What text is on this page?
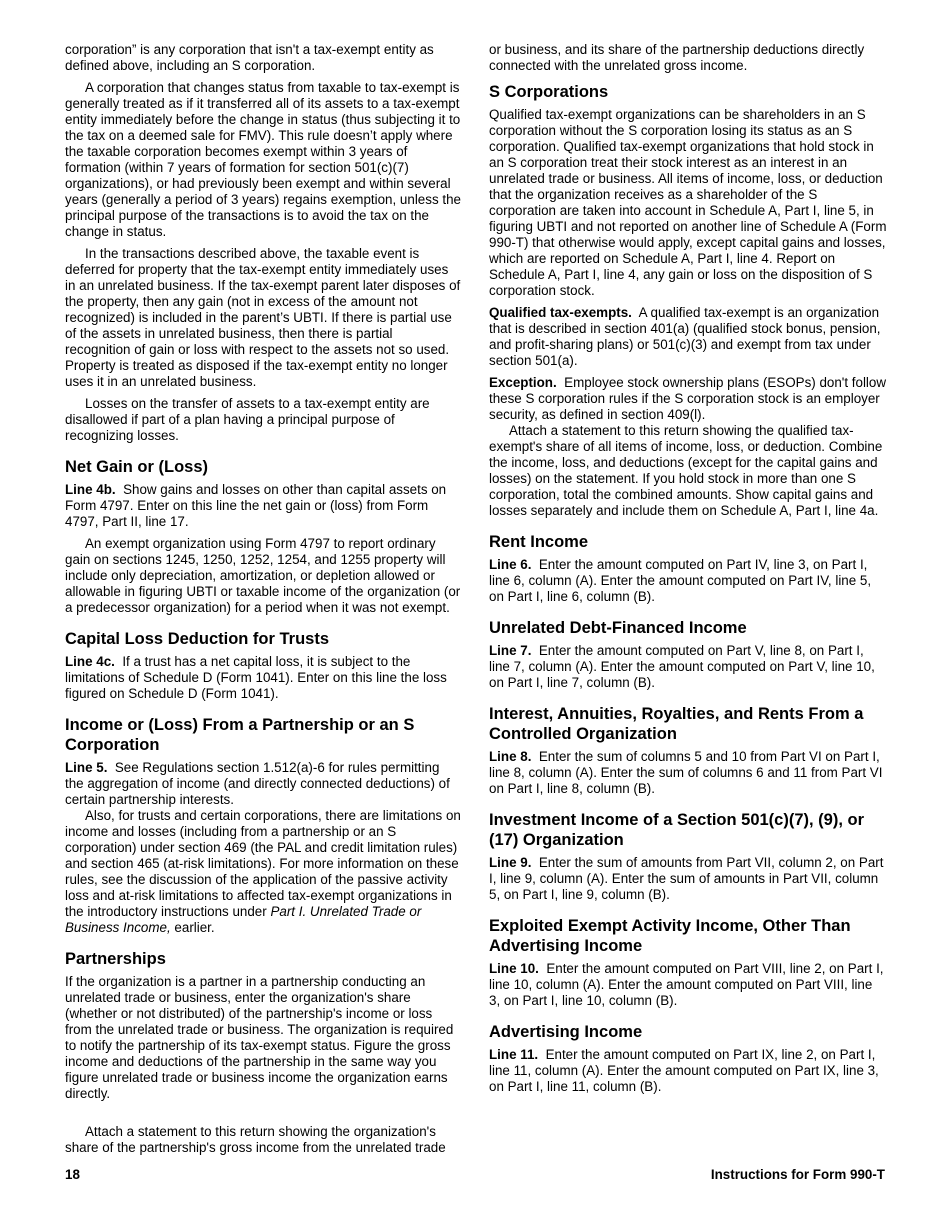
corporation” is any corporation that isn't a tax-exempt entity as defined above, including an S corporation.

A corporation that changes status from taxable to tax-exempt is generally treated as if it transferred all of its assets to a tax-exempt entity immediately before the change in status (thus subjecting it to the tax on a deemed sale for FMV). This rule doesn’t apply where the taxable corporation becomes exempt within 3 years of formation (within 7 years of formation for section 501(c)(7) organizations), or had previously been exempt and within several years (generally a period of 3 years) regains exemption, unless the principal purpose of the transactions is to avoid the tax on the change in status.

In the transactions described above, the taxable event is deferred for property that the tax-exempt entity immediately uses in an unrelated business. If the tax-exempt parent later disposes of the property, then any gain (not in excess of the amount not recognized) is included in the parent’s UBTI. If there is partial use of the assets in unrelated business, then there is partial recognition of gain or loss with respect to the assets not so used. Property is treated as disposed if the tax-exempt entity no longer uses it in an unrelated business.

Losses on the transfer of assets to a tax-exempt entity are disallowed if part of a plan having a principal purpose of recognizing losses.

Net Gain or (Loss)

Line 4b. Show gains and losses on other than capital assets on Form 4797. Enter on this line the net gain or (loss) from Form 4797, Part II, line 17.

An exempt organization using Form 4797 to report ordinary gain on sections 1245, 1250, 1252, 1254, and 1255 property will include only depreciation, amortization, or depletion allowed or allowable in figuring UBTI or taxable income of the organization (or a predecessor organization) for a period when it was not exempt.

Capital Loss Deduction for Trusts

Line 4c. If a trust has a net capital loss, it is subject to the limitations of Schedule D (Form 1041). Enter on this line the loss figured on Schedule D (Form 1041).

Income or (Loss) From a Partnership or an S Corporation

Line 5. See Regulations section 1.512(a)-6 for rules permitting the aggregation of income (and directly connected deductions) of certain partnership interests.

Also, for trusts and certain corporations, there are limitations on income and losses (including from a partnership or an S corporation) under section 469 (the PAL and credit limitation rules) and section 465 (at-risk limitations). For more information on these rules, see the discussion of the application of the passive activity loss and at-risk limitations to affected tax-exempt organizations in the introductory instructions under Part I. Unrelated Trade or Business Income, earlier.

Partnerships

If the organization is a partner in a partnership conducting an unrelated trade or business, enter the organization's share (whether or not distributed) of the partnership's income or loss from the unrelated trade or business. The organization is required to notify the partnership of its tax-exempt status. Figure the gross income and deductions of the partnership in the same way you figure unrelated trade or business income the organization earns directly.

Attach a statement to this return showing the organization's share of the partnership's gross income from the unrelated trade

or business, and its share of the partnership deductions directly connected with the unrelated gross income.

S Corporations

Qualified tax-exempt organizations can be shareholders in an S corporation without the S corporation losing its status as an S corporation. Qualified tax-exempt organizations that hold stock in an S corporation treat their stock interest as an interest in an unrelated trade or business. All items of income, loss, or deduction that the organization receives as a shareholder of the S corporation are taken into account in Schedule A, Part I, line 5, in figuring UBTI and not reported on another line of Schedule A (Form 990-T) that otherwise would apply, except capital gains and losses, which are reported on Schedule A, Part I, line 4. Report on Schedule A, Part I, line 4, any gain or loss on the disposition of S corporation stock.

Qualified tax-exempts. A qualified tax-exempt is an organization that is described in section 401(a) (qualified stock bonus, pension, and profit-sharing plans) or 501(c)(3) and exempt from tax under section 501(a).

Exception. Employee stock ownership plans (ESOPs) don't follow these S corporation rules if the S corporation stock is an employer security, as defined in section 409(l).

Attach a statement to this return showing the qualified tax-exempt's share of all items of income, loss, or deduction. Combine the income, loss, and deductions (except for the capital gains and losses) on the statement. If you hold stock in more than one S corporation, total the combined amounts. Show capital gains and losses separately and include them on Schedule A, Part I, line 4a.

Rent Income

Line 6. Enter the amount computed on Part IV, line 3, on Part I, line 6, column (A). Enter the amount computed on Part IV, line 5, on Part I, line 6, column (B).

Unrelated Debt-Financed Income

Line 7. Enter the amount computed on Part V, line 8, on Part I, line 7, column (A). Enter the amount computed on Part V, line 10, on Part I, line 7, column (B).

Interest, Annuities, Royalties, and Rents From a Controlled Organization

Line 8. Enter the sum of columns 5 and 10 from Part VI on Part I, line 8, column (A). Enter the sum of columns 6 and 11 from Part VI on Part I, line 8, column (B).

Investment Income of a Section 501(c)(7), (9), or (17) Organization

Line 9. Enter the sum of amounts from Part VII, column 2, on Part I, line 9, column (A). Enter the sum of amounts in Part VII, column 5, on Part I, line 9, column (B).

Exploited Exempt Activity Income, Other Than Advertising Income

Line 10. Enter the amount computed on Part VIII, line 2, on Part I, line 10, column (A). Enter the amount computed on Part VIII, line 3, on Part I, line 10, column (B).

Advertising Income

Line 11. Enter the amount computed on Part IX, line 2, on Part I, line 11, column (A). Enter the amount computed on Part IX, line 3, on Part I, line 11, column (B).

18	Instructions for Form 990-T
